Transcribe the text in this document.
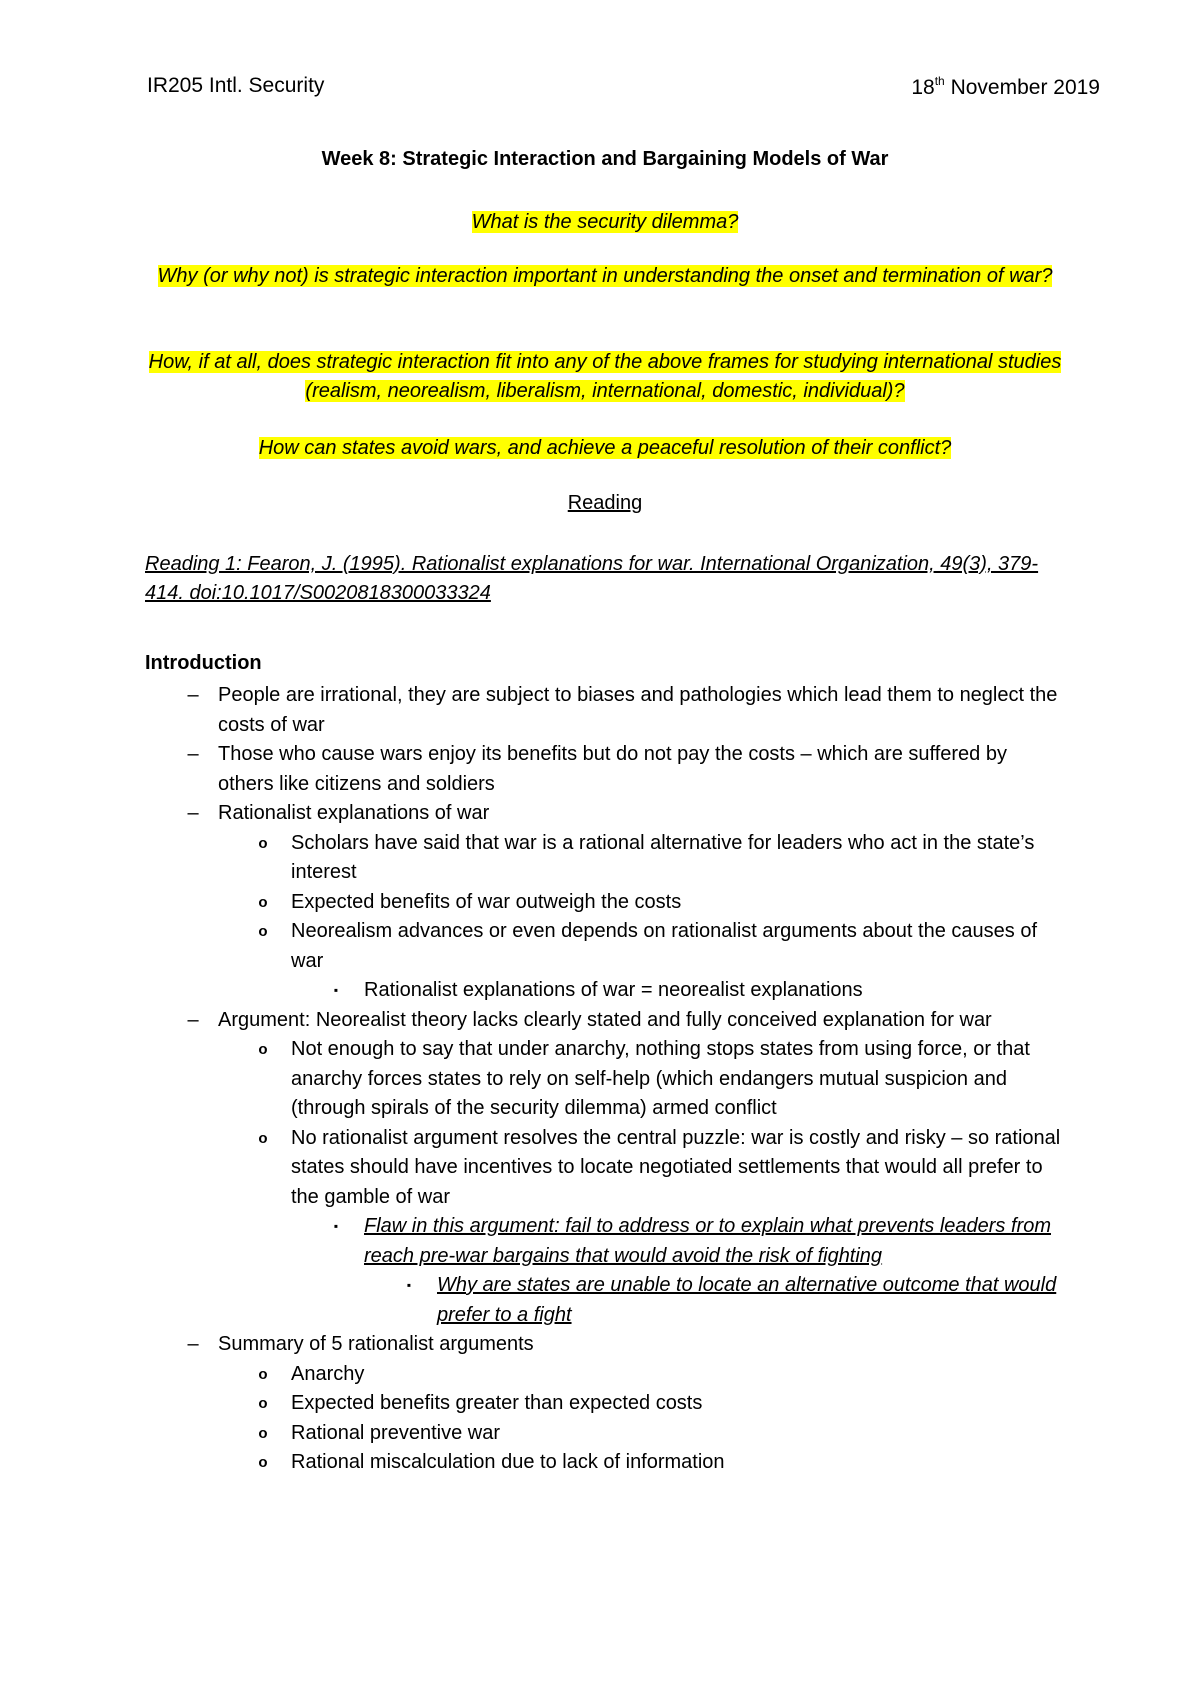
IR205 Intl. Security	18th November 2019
Week 8: Strategic Interaction and Bargaining Models of War
What is the security dilemma?
Why (or why not) is strategic interaction important in understanding the onset and termination of war?
How, if at all, does strategic interaction fit into any of the above frames for studying international studies (realism, neorealism, liberalism, international, domestic, individual)?
How can states avoid wars, and achieve a peaceful resolution of their conflict?
Reading
Reading 1: Fearon, J. (1995). Rationalist explanations for war. International Organization, 49(3), 379-414. doi:10.1017/S0020818300033324
Introduction
– People are irrational, they are subject to biases and pathologies which lead them to neglect the costs of war
– Those who cause wars enjoy its benefits but do not pay the costs – which are suffered by others like citizens and soldiers
– Rationalist explanations of war
o Scholars have said that war is a rational alternative for leaders who act in the state’s interest
o Expected benefits of war outweigh the costs
o Neorealism advances or even depends on rationalist arguments about the causes of war
▪	Rationalist explanations of war = neorealist explanations
– Argument: Neorealist theory lacks clearly stated and fully conceived explanation for war
o Not enough to say that under anarchy, nothing stops states from using force, or that anarchy forces states to rely on self-help (which endangers mutual suspicion and (through spirals of the security dilemma) armed conflict
o No rationalist argument resolves the central puzzle: war is costly and risky – so rational states should have incentives to locate negotiated settlements that would all prefer to the gamble of war
▪	Flaw in this argument: fail to address or to explain what prevents leaders from reach pre-war bargains that would avoid the risk of fighting
▪	Why are states are unable to locate an alternative outcome that would prefer to a fight
– Summary of 5 rationalist arguments
o Anarchy
o Expected benefits greater than expected costs
o Rational preventive war
o Rational miscalculation due to lack of information
